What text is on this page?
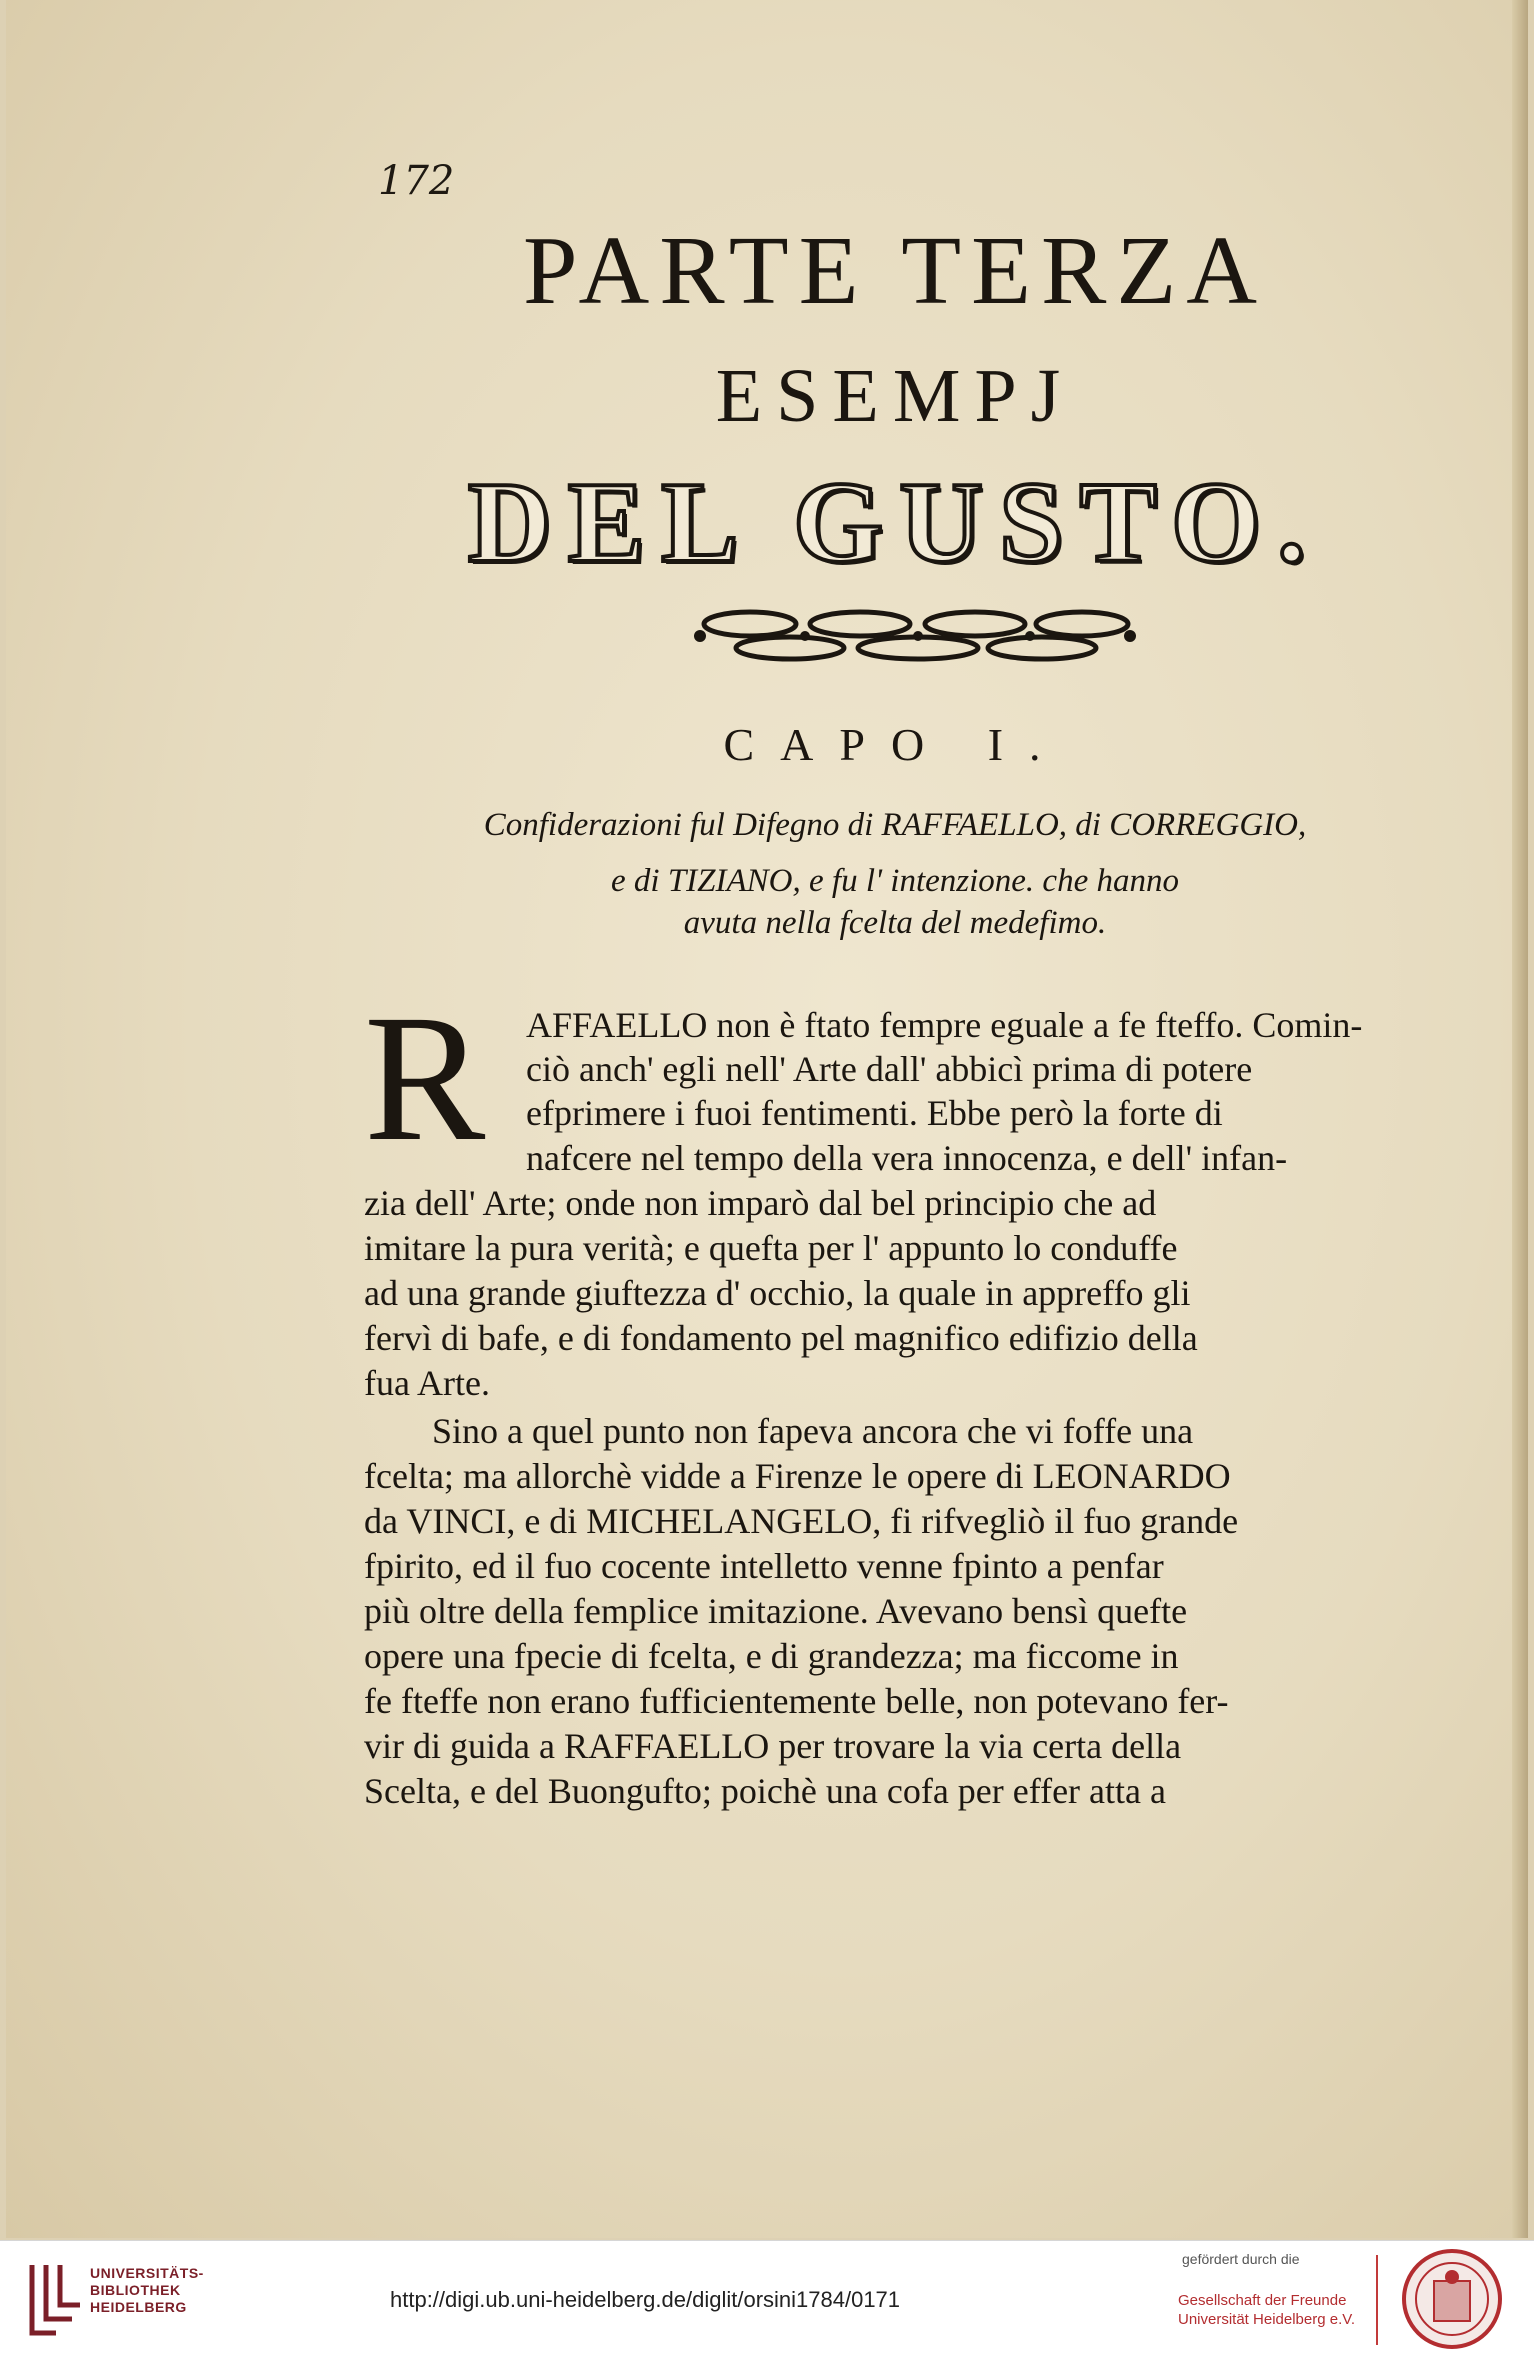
172
PARTE TERZA
ESEMPJ
DEL GUSTO.
CAPO I.
Confiderazioni ful Difegno di RAFFAELLO, di CORREGGIO,
e di TIZIANO, e fu l' intenzione. che hanno
avuta nella fcelta del medefimo.
R AFFAELLO non è ftato fempre eguale a fe fteffo. Comin-
ciò anch' egli nell' Arte dall' abbicì prima di potere
efprimere i fuoi fentimenti. Ebbe però la forte di
nafcere nel tempo della vera innocenza, e dell' infan-
zia dell' Arte; onde non imparò dal bel principio che ad
imitare la pura verità; e quefta per l' appunto lo conduffe
ad una grande giuftezza d' occhio, la quale in appreffo gli
fervì di bafe, e di fondamento pel magnifico edifizio della
fua Arte.
Sino a quel punto non fapeva ancora che vi foffe una
fcelta; ma allorchè vidde a Firenze le opere di LEONARDO
da VINCI, e di MICHELANGELO, fi rifvegliò il fuo grande
fpirito, ed il fuo cocente intelletto venne fpinto a penfar
più oltre della femplice imitazione. Avevano bensì quefte
opere una fpecie di fcelta, e di grandezza; ma ficcome in
fe fteffe non erano fufficientemente belle, non potevano fer-
vir di guida a RAFFAELLO per trovare la via certa della
Scelta, e del Buongufto; poichè una cofa per effer atta a
UNIVERSITÄTS-
BIBLIOTHEK
HEIDELBERG	http://digi.ub.uni-heidelberg.de/diglit/orsini1784/0171
gefördert durch die
Gesellschaft der Freunde
Universität Heidelberg e.V.
